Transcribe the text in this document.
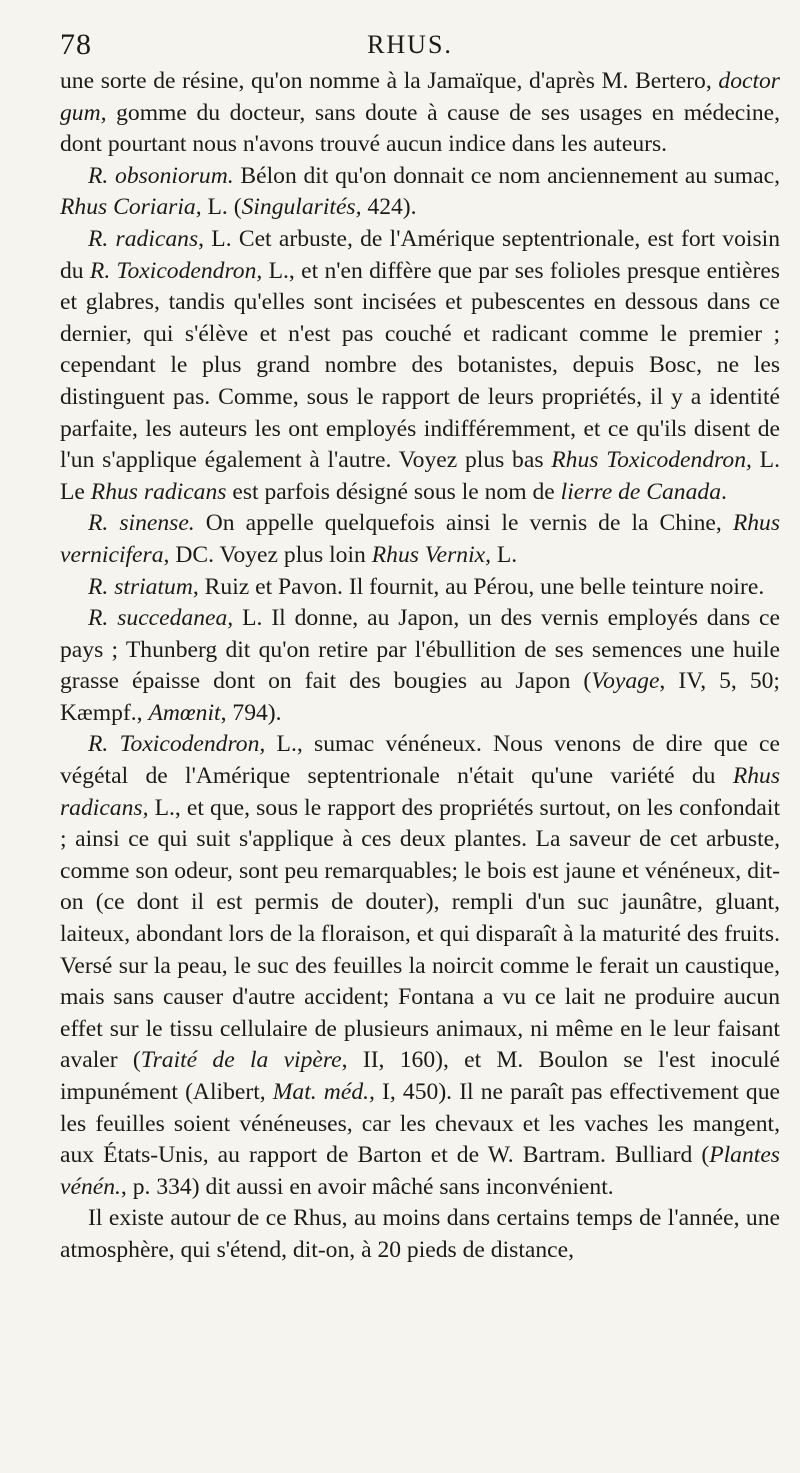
78	RHUS.

une sorte de résine, qu'on nomme à la Jamaïque, d'après M. Bertero, doctor gum, gomme du docteur, sans doute à cause de ses usages en médecine, dont pourtant nous n'avons trouvé aucun indice dans les auteurs.

R. obsoniorum. Bélon dit qu'on donnait ce nom anciennement au sumac, Rhus Coriaria, L. (Singularités, 424).

R. radicans, L. Cet arbuste, de l'Amérique septentrionale, est fort voisin du R. Toxicodendron, L., et n'en diffère que par ses folioles presque entières et glabres, tandis qu'elles sont incisées et pubescentes en dessous dans ce dernier, qui s'élève et n'est pas couché et radicant comme le premier ; cependant le plus grand nombre des botanistes, depuis Bosc, ne les distinguent pas. Comme, sous le rapport de leurs propriétés, il y a identité parfaite, les auteurs les ont employés indifféremment, et ce qu'ils disent de l'un s'applique également à l'autre. Voyez plus bas Rhus Toxicodendron, L. Le Rhus radicans est parfois désigné sous le nom de lierre de Canada.

R. sinense. On appelle quelquefois ainsi le vernis de la Chine, Rhus vernicifera, DC. Voyez plus loin Rhus Vernix, L.

R. striatum, Ruiz et Pavon. Il fournit, au Pérou, une belle teinture noire.

R. succedanea, L. Il donne, au Japon, un des vernis employés dans ce pays ; Thunberg dit qu'on retire par l'ébullition de ses semences une huile grasse épaisse dont on fait des bougies au Japon (Voyage, IV, 5, 50; Kæmpf., Amœnit, 794).

R. Toxicodendron, L., sumac vénéneux. Nous venons de dire que ce végétal de l'Amérique septentrionale n'était qu'une variété du Rhus radicans, L., et que, sous le rapport des propriétés surtout, on les confondait ; ainsi ce qui suit s'applique à ces deux plantes. La saveur de cet arbuste, comme son odeur, sont peu remarquables; le bois est jaune et vénéneux, dit-on (ce dont il est permis de douter), rempli d'un suc jaunâtre, gluant, laiteux, abondant lors de la floraison, et qui disparaît à la maturité des fruits. Versé sur la peau, le suc des feuilles la noircit comme le ferait un caustique, mais sans causer d'autre accident; Fontana a vu ce lait ne produire aucun effet sur le tissu cellulaire de plusieurs animaux, ni même en le leur faisant avaler (Traité de la vipère, II, 160), et M. Boulon se l'est inoculé impunément (Alibert, Mat. méd., I, 450). Il ne paraît pas effectivement que les feuilles soient vénéneuses, car les chevaux et les vaches les mangent, aux États-Unis, au rapport de Barton et de W. Bartram. Bulliard (Plantes vénén., p. 334) dit aussi en avoir mâché sans inconvénient.

Il existe autour de ce Rhus, au moins dans certains temps de l'année, une atmosphère, qui s'étend, dit-on, à 20 pieds de distance,
